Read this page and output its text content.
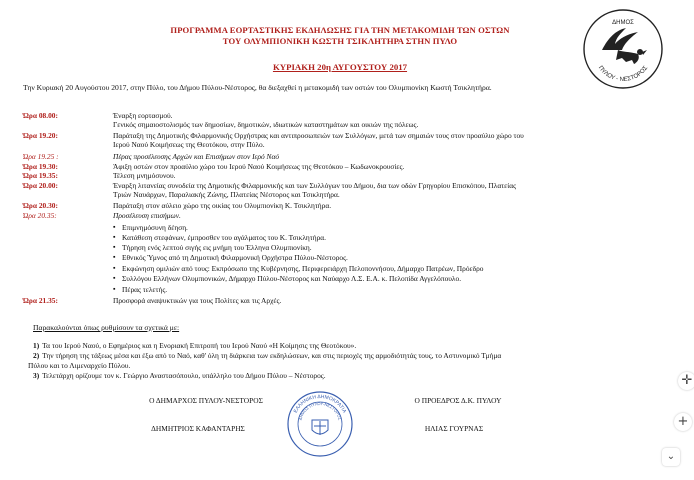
ΠΡΟΓΡΑΜΜΑ ΕΟΡΤΑΣΤΙΚΗΣ ΕΚΔΗΛΩΣΗΣ ΓΙΑ ΤΗΝ ΜΕΤΑΚΟΜΙΔΗ ΤΩΝ ΟΣΤΩΝ
ΤΟΥ ΟΛΥΜΠΙΟΝΙΚΗ ΚΩΣΤΗ ΤΣΙΚΛΗΤΗΡΑ ΣΤΗΝ ΠΥΛΟ
ΚΥΡΙΑΚΗ 20η ΑΥΓΟΥΣΤΟΥ 2017
ΔΗΜΟΣ
ΠΥΛΟΥ - ΝΕΣΤΟΡΟΣ
Την Κυριακή 20 Αυγούστου 2017, στην Πύλο, του Δήμου Πύλου-Νέστορος, θα διεξαχθεί η μετακομιδή των οστών του Ολυμπιονίκη Κωστή Τσικλητήρα.
Ώρα 08.00:	Έναρξη εορτασμού.
Γενικός σημαιοστολισμός των δημοσίων, δημοτικών, ιδιωτικών καταστημάτων και οικιών της πόλεως.
Ώρα 19.20:	Παράταξη της Δημοτικής Φιλαρμονικής Ορχήστρας και αντιπροσωπειών των Συλλόγων, μετά των σημαιών τους στον προαύλιο χώρο του
Ιερού Ναού Κοιμήσεως της Θεοτόκου, στην Πύλο.
Ώρα 19.25 :	Πέρας προσέλευσης Αρχών και Επισήμων στον Ιερό Ναό
Ώρα 19.30:	Άφιξη οστών στον προαύλιο χώρο του Ιερού Ναού Κοιμήσεως της Θεοτόκου – Κωδωνοκρουσίες.
Ώρα 19.35:	Τέλεση μνημόσυνου.
Ώρα 20.00:	Έναρξη λιτανείας συνοδεία της Δημοτικής Φιλαρμονικής και των Συλλόγων του Δήμου, δια των οδών Γρηγορίου Επισκόπου, Πλατείας
Τριών Ναυάρχων, Παραλιακής Ζώνης, Πλατείας Νέστορος και Τσικλητήρα.
Ώρα 20.30:	Παράταξη στον αύλειο χώρο της οικίας του Ολυμπιονίκη Κ. Τσικλητήρα.
Ώρα 20.35:	Προσέλευση επισήμων.
▪ Επιμνημόσυνη δέηση.
▪ Κατάθεση στεφάνων, έμπροσθεν του αγάλματος του Κ. Τσικλητήρα.
▪ Τήρηση ενός λεπτού σιγής εις μνήμη του Έλληνα Ολυμπιονίκη.
▪ Εθνικός Ύμνος από τη Δημοτική Φιλαρμονική Ορχήστρα Πύλου-Νέστορος.
▪ Εκφώνηση ομιλιών από τους: Εκπρόσωπο της Κυβέρνησης, Περιφερειάρχη Πελοποννήσου, Δήμαρχο Πατρέων, Πρόεδρο
▪ Συλλόγου Ελλήνων Ολυμπιονικών, Δήμαρχο Πύλου-Νέστορος και Ναύαρχο Λ.Σ. Ε.Α. κ. Πελοπίδα Αγγελόπουλο.
▪ Πέρας τελετής.
Ώρα 21.35:	Προσφορά αναψυκτικών για τους Πολίτες και τις Αρχές.
Παρακαλούνται όπως ρυθμίσουν τα σχετικά με:
1) Τα του Ιερού Ναού, ο Εφημέριος και η Ενοριακή Επιτροπή του Ιερού Ναού «Η Κοίμησις της Θεοτόκου».
2) Την τήρηση της τάξεως μέσα και έξω από το Ναό, καθ' όλη τη διάρκεια των εκδηλώσεων, και στις περιοχές της αρμοδιότητάς τους, το Αστυνομικό Τμήμα
Πύλου και το Λιμεναρχείο Πύλου.
3) Τελετάρχη ορίζουμε τον κ. Γεώργιο Αναστασόπουλο, υπάλληλο του Δήμου Πύλου – Νέστορος.
Ο ΔΗΜΑΡΧΟΣ ΠΥΛΟΥ-ΝΕΣΤΟΡΟΣ
ΔΗΜΗΤΡΙΟΣ ΚΑΦΑΝΤΑΡΗΣ
Ο ΠΡΟΕΔΡΟΣ Δ.Κ. ΠΥΛΟΥ
ΗΛΙΑΣ ΓΟΥΡΝΑΣ
ΕΛΛΗΝΙΚΗ ΔΗΜΟΚΡΑΤΙΑ
ΔΗΜΟΣ ΠΥΛΟΥ-ΝΕΣΤΟΡΟΣ
✛
+
⌄
